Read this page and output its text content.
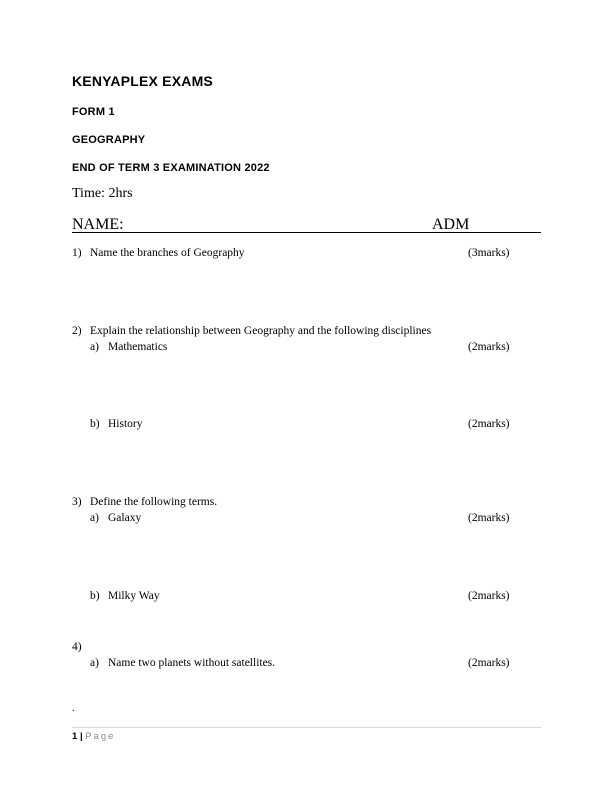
KENYAPLEX EXAMS
FORM 1
GEOGRAPHY
END OF TERM 3 EXAMINATION 2022
Time: 2hrs
NAME:	ADM
1) Name the branches of Geography	(3marks)
2) Explain the relationship between Geography and the following disciplines
a) Mathematics	(2marks)
b) History	(2marks)
3) Define the following terms.
a) Galaxy	(2marks)
b) Milky Way	(2marks)
4)
a) Name two planets without satellites.	(2marks)
.
1 | Page
